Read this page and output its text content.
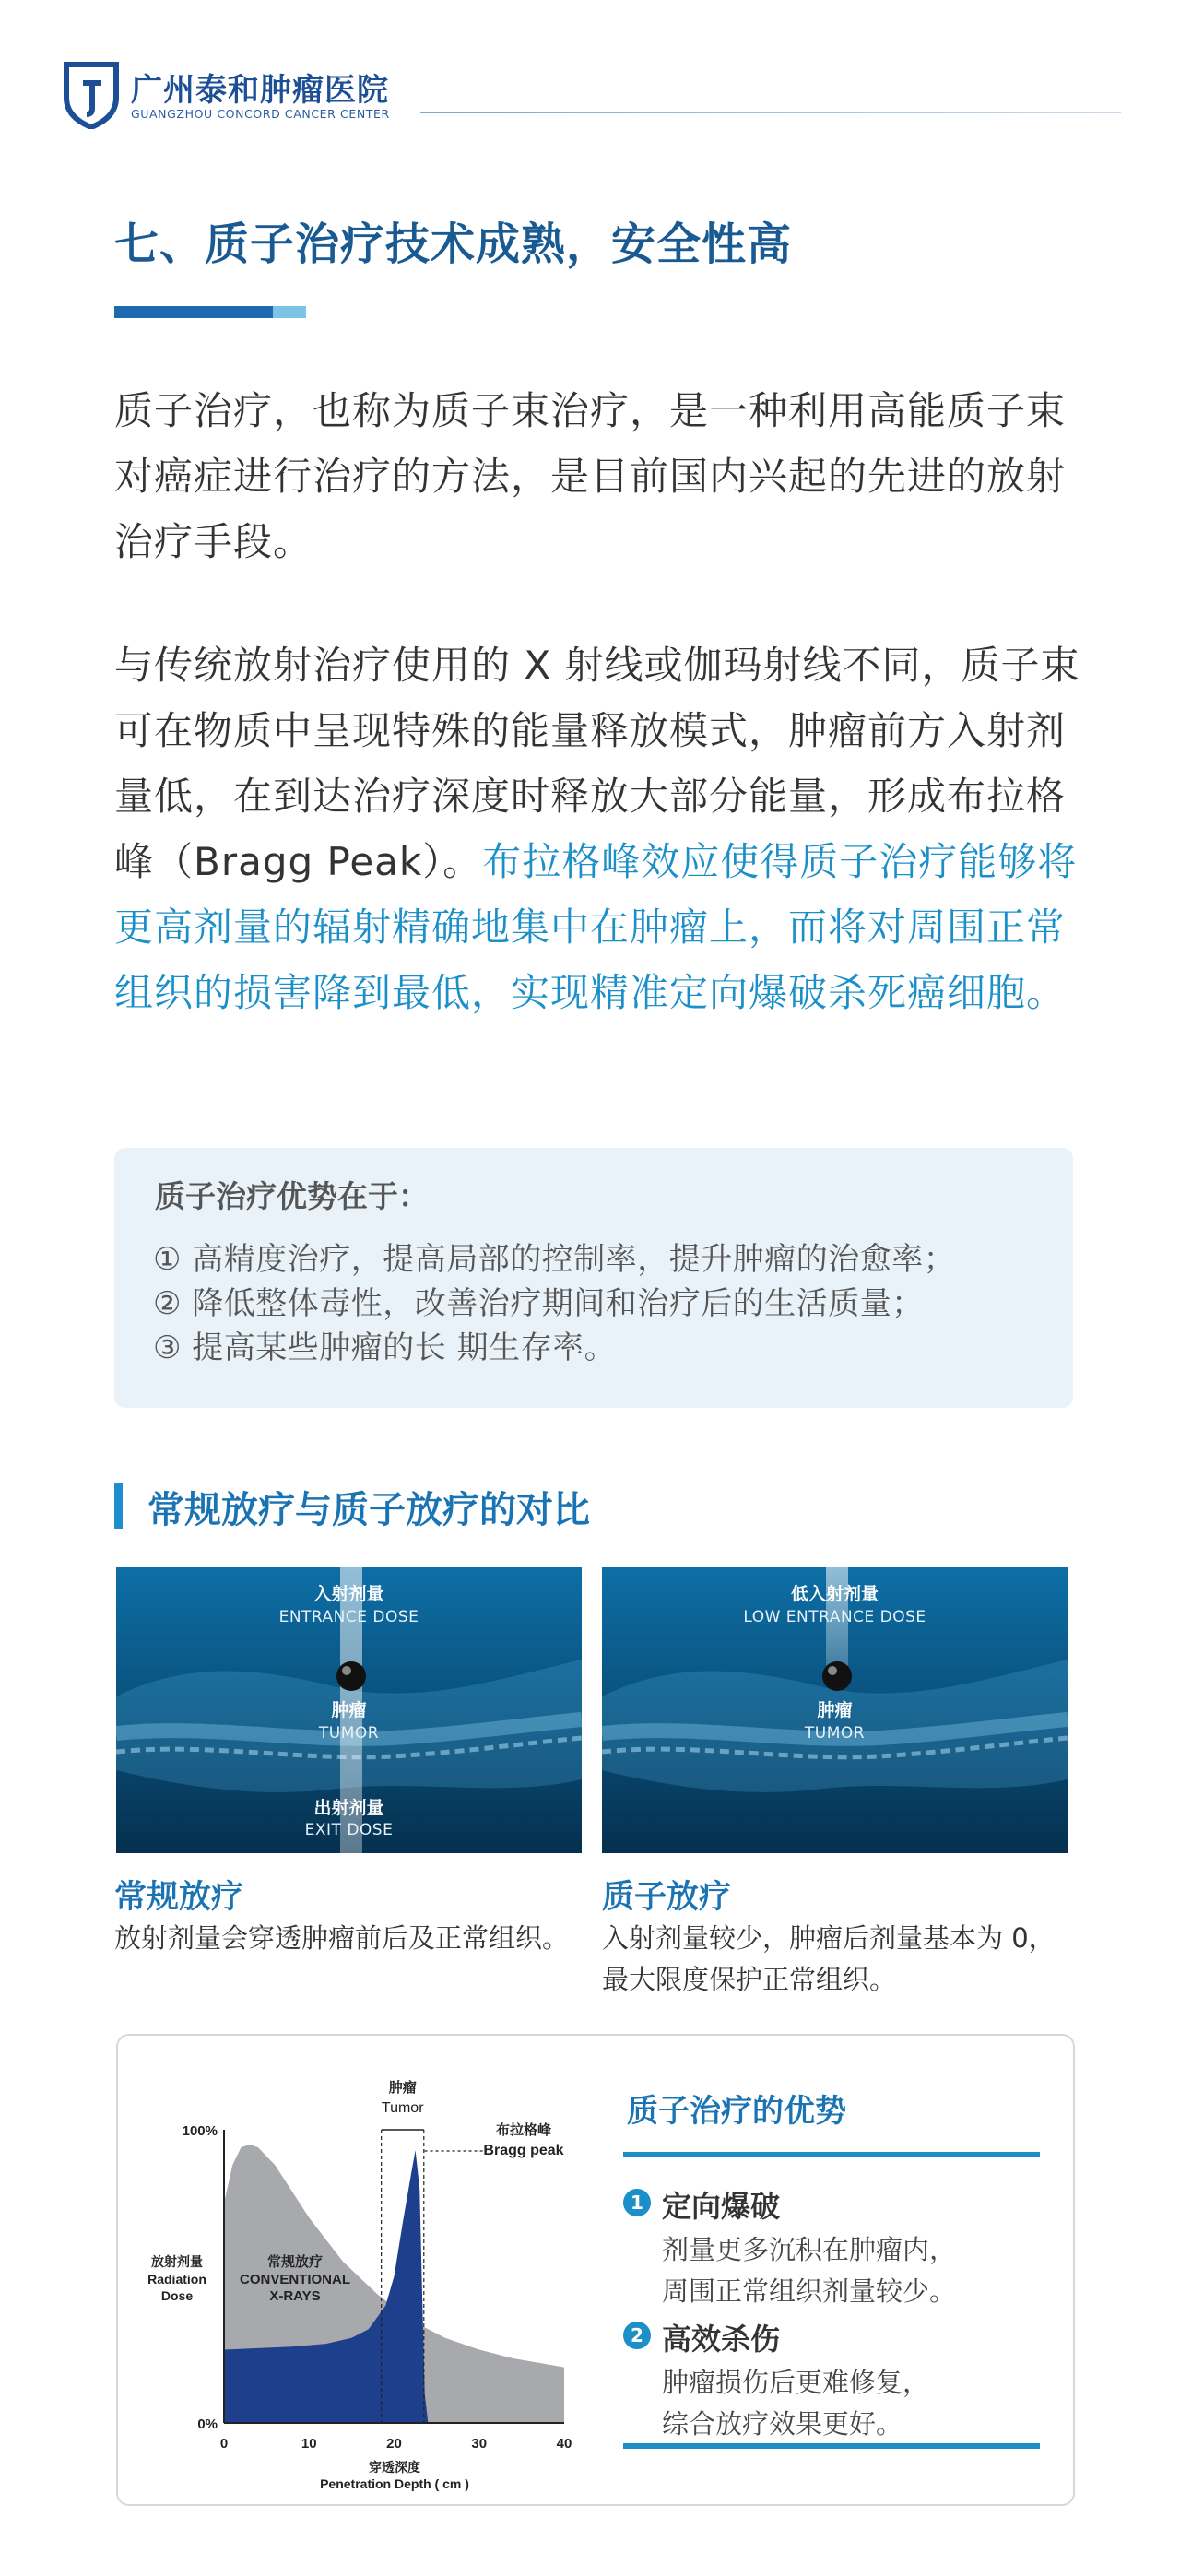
广州泰和肿瘤医院
GUANGZHOU CONCORD CANCER CENTER
七、质子治疗技术成熟，安全性高
质子治疗，也称为质子束治疗，是一种利用高能质子束对癌症进行治疗的方法，是目前国内兴起的先进的放射治疗手段。
与传统放射治疗使用的 X 射线或伽玛射线不同，质子束可在物质中呈现特殊的能量释放模式，肿瘤前方入射剂量低，在到达治疗深度时释放大部分能量，形成布拉格峰（Bragg Peak）。布拉格峰效应使得质子治疗能够将更高剂量的辐射精确地集中在肿瘤上，而将对周围正常组织的损害降到最低，实现精准定向爆破杀死癌细胞。
质子治疗优势在于：
① 高精度治疗，提高局部的控制率，提升肿瘤的治愈率；
② 降低整体毒性，改善治疗期间和治疗后的生活质量；
③ 提高某些肿瘤的长 期生存率。
常规放疗与质子放疗的对比
入射剂量
ENTRANCE DOSE
肿瘤
TUMOR
出射剂量
EXIT DOSE
低入射剂量
LOW ENTRANCE DOSE
肿瘤
TUMOR
常规放疗
放射剂量会穿透肿瘤前后及正常组织。
质子放疗
入射剂量较少，肿瘤后剂量基本为 0，最大限度保护正常组织。
肿瘤
Tumor
布拉格峰
Bragg peak
100%
0%
放射剂量
Radiation
Dose
常规放疗
CONVENTIONAL
X-RAYS
0	10	20	30	40
穿透深度
Penetration Depth ( cm )
质子治疗的优势
1 定向爆破
剂量更多沉积在肿瘤内，
周围正常组织剂量较少。
2 高效杀伤
肿瘤损伤后更难修复，
综合放疗效果更好。
